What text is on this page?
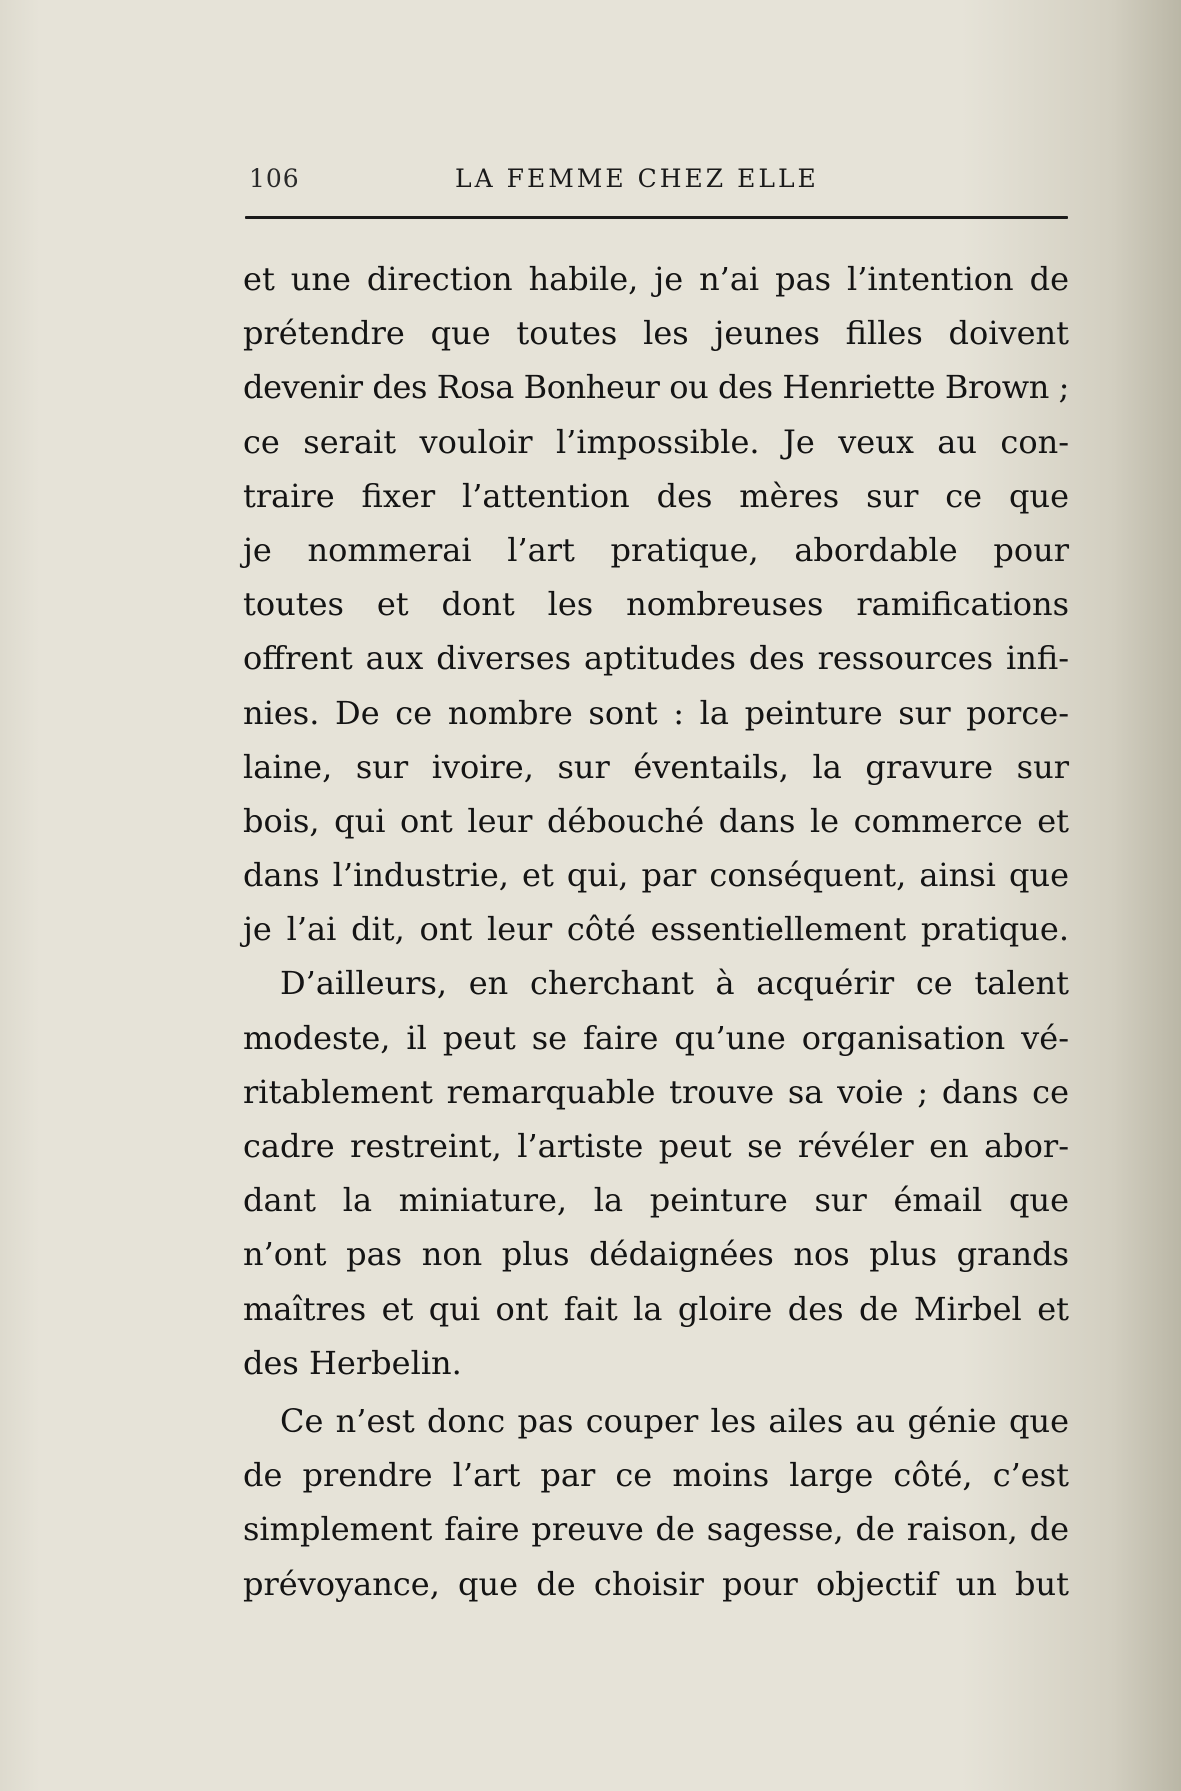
106	LA FEMME CHEZ ELLE
et une direction habile, je n’ai pas l’intention de
prétendre que toutes les jeunes filles doivent
devenir des Rosa Bonheur ou des Henriette Brown ;
ce serait vouloir l’impossible. Je veux au con-
traire fixer l’attention des mères sur ce que
je nommerai l’art pratique, abordable pour
toutes et dont les nombreuses ramifications
offrent aux diverses aptitudes des ressources infi-
nies. De ce nombre sont : la peinture sur porce-
laine, sur ivoire, sur éventails, la gravure sur
bois, qui ont leur débouché dans le commerce et
dans l’industrie, et qui, par conséquent, ainsi que
je l’ai dit, ont leur côté essentiellement pratique.
D’ailleurs, en cherchant à acquérir ce talent
modeste, il peut se faire qu’une organisation vé-
ritablement remarquable trouve sa voie ; dans ce
cadre restreint, l’artiste peut se révéler en abor-
dant la miniature, la peinture sur émail que
n’ont pas non plus dédaignées nos plus grands
maîtres et qui ont fait la gloire des de Mirbel et
des Herbelin.
Ce n’est donc pas couper les ailes au génie que
de prendre l’art par ce moins large côté, c’est
simplement faire preuve de sagesse, de raison, de
prévoyance, que de choisir pour objectif un but
